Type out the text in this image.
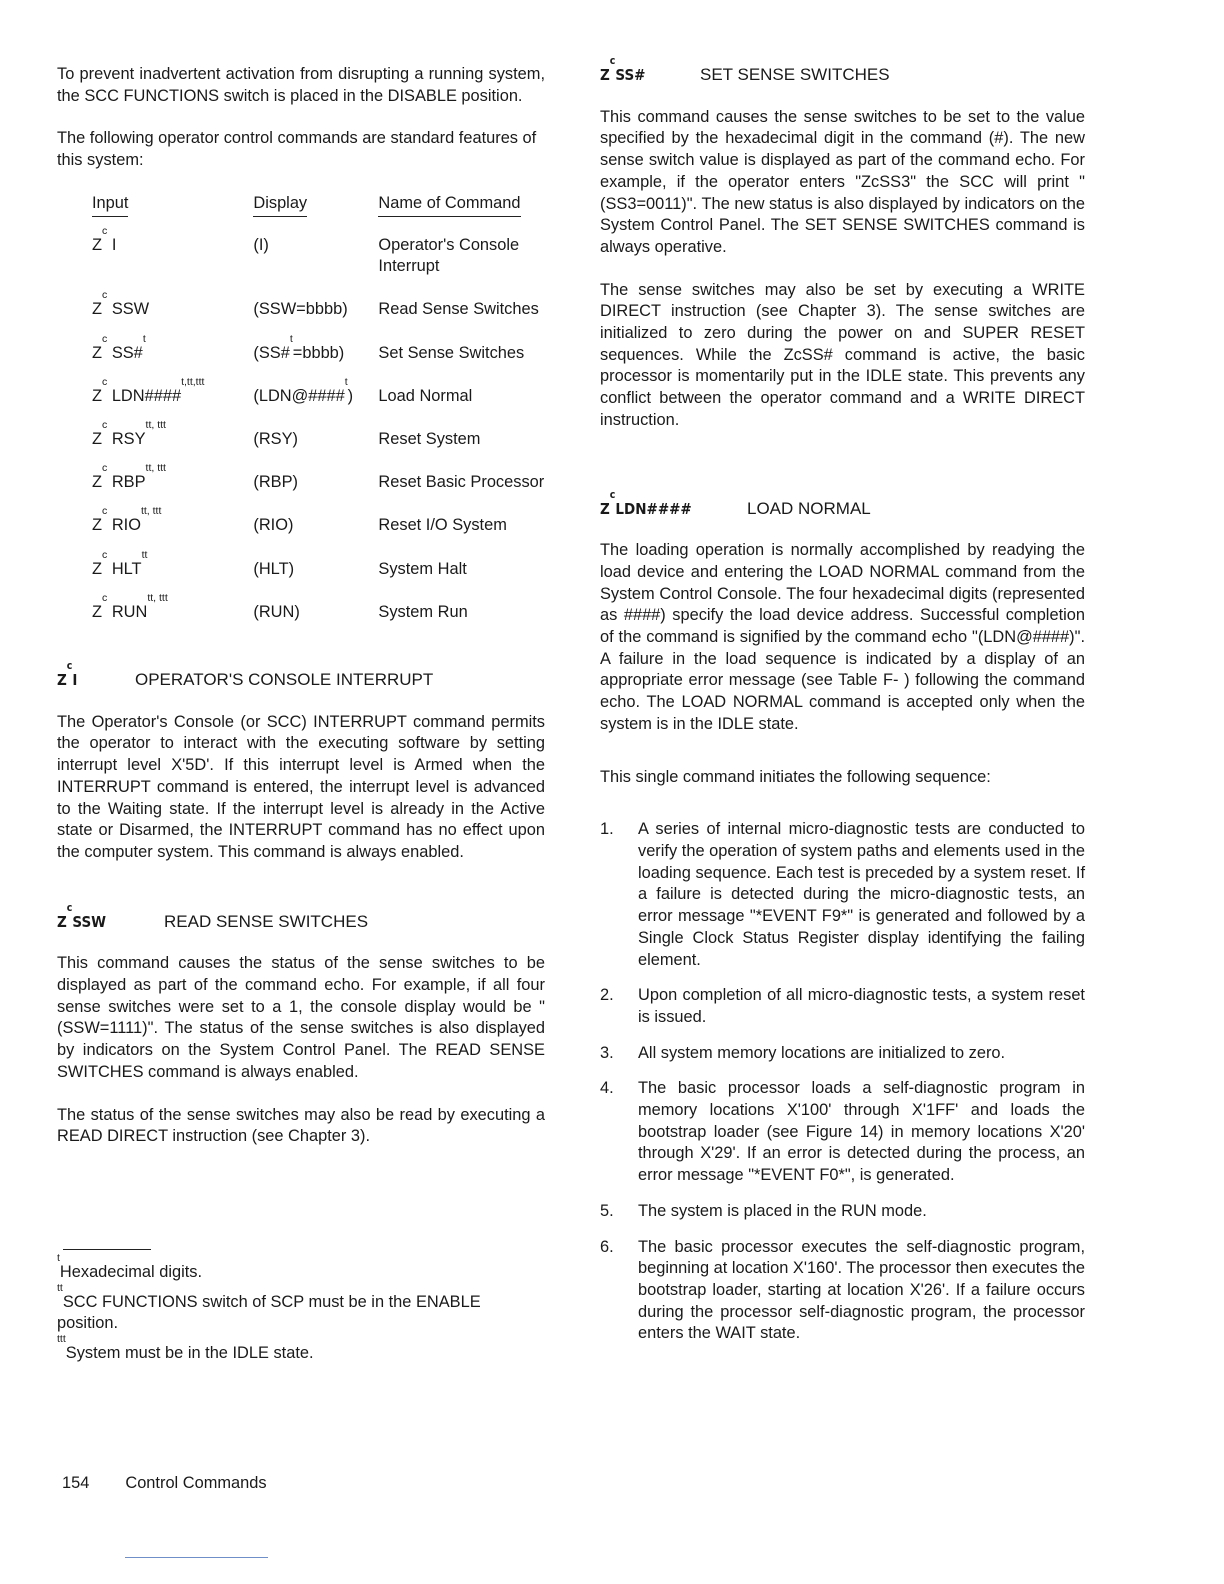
To prevent inadvertent activation from disrupting a running system, the SCC FUNCTIONS switch is placed in the DISABLE position.

The following operator control commands are standard features of this system:

Input	Display	Name of Command
$Z^c$ I	(I)	Operator's Console Interrupt
$Z^c$ SSW	(SSW=bbbb)	Read Sense Switches
$Z^c$ SS#$^t$	(SS#$^t$=bbbb)	Set Sense Switches
$Z^c$ LDN####$^{t,tt,ttt}$	(LDN@####$^t$)	Load Normal
$Z^c$ $RSY^{tt, ttt}$	(RSY)	Reset System
$Z^c$ $RBP^{tt, ttt}$	(RBP)	Reset Basic Processor
$Z^c$ $RIO^{tt, ttt}$	(RIO)	Reset I/O System
$Z^c$ $HLT^{tt}$	(HLT)	System Halt
$Z^c$ $RUN^{tt, ttt}$	(RUN)	System Run
$Z^cI$	OPERATOR'S CONSOLE INTERRUPT

The Operator's Console (or SCC) INTERRUPT command permits the operator to interact with the executing software by setting interrupt level X'5D'. If this interrupt level is Armed when the INTERRUPT command is entered, the interrupt level is advanced to the Waiting state. If the interrupt level is already in the Active state or Disarmed, the INTERRUPT command has no effect upon the computer system. This command is always enabled.

$Z^cSSW$	READ SENSE SWITCHES

This command causes the status of the sense switches to be displayed as part of the command echo. For example, if all four sense switches were set to a 1, the console display would be "(SSW=1111)". The status of the sense switches is also displayed by indicators on the System Control Panel. The READ SENSE SWITCHES command is always enabled.

The status of the sense switches may also be read by executing a READ DIRECT instruction (see Chapter 3).

$^t$Hexadecimal digits.

$^{tt}$SCC FUNCTIONS switch of SCP must be in the ENABLE position.

$^{ttt}$System must be in the IDLE state.

$Z^cSS\#$	SET SENSE SWITCHES

This command causes the sense switches to be set to the value specified by the hexadecimal digit in the command (#). The new sense switch value is displayed as part of the command echo. For example, if the operator enters "ZcSS3" the SCC will print "(SS3=0011)". The new status is also displayed by indicators on the System Control Panel. The SET SENSE SWITCHES command is always operative.

The sense switches may also be set by executing a WRITE DIRECT instruction (see Chapter 3). The sense switches are initialized to zero during the power on and SUPER RESET sequences. While the ZcSS# command is active, the basic processor is momentarily put in the IDLE state. This prevents any conflict between the operator command and a WRITE DIRECT instruction.

$Z^cLDN\#\#\#\#$	LOAD NORMAL

The loading operation is normally accomplished by readying the load device and entering the LOAD NORMAL command from the System Control Console. The four hexadecimal digits (represented as ####) specify the load device address. Successful completion of the command is signified by the command echo "(LDN@####)". A failure in the load sequence is indicated by a display of an appropriate error message (see Table F- ) following the command echo. The LOAD NORMAL command is accepted only when the system is in the IDLE state.

This single command initiates the following sequence:

1.	A series of internal micro-diagnostic tests are conducted to verify the operation of system paths and elements used in the loading sequence. Each test is preceded by a system reset. If a failure is detected during the micro-diagnostic tests, an error message "*EVENT F9*" is generated and followed by a Single Clock Status Register display identifying the failing element.
2.	Upon completion of all micro-diagnostic tests, a system reset is issued.
3.	All system memory locations are initialized to zero.
4.	The basic processor loads a self-diagnostic program in memory locations X'100' through X'1FF' and loads the bootstrap loader (see Figure 14) in memory locations X'20' through X'29'. If an error is detected during the process, an error message "*EVENT F0*", is generated.
5.	The system is placed in the RUN mode.
6.	The basic processor executes the self-diagnostic program, beginning at location X'160'. The processor then executes the bootstrap loader, starting at location X'26'. If a failure occurs during the processor self-diagnostic program, the processor enters the WAIT state.
154 Control Commands
